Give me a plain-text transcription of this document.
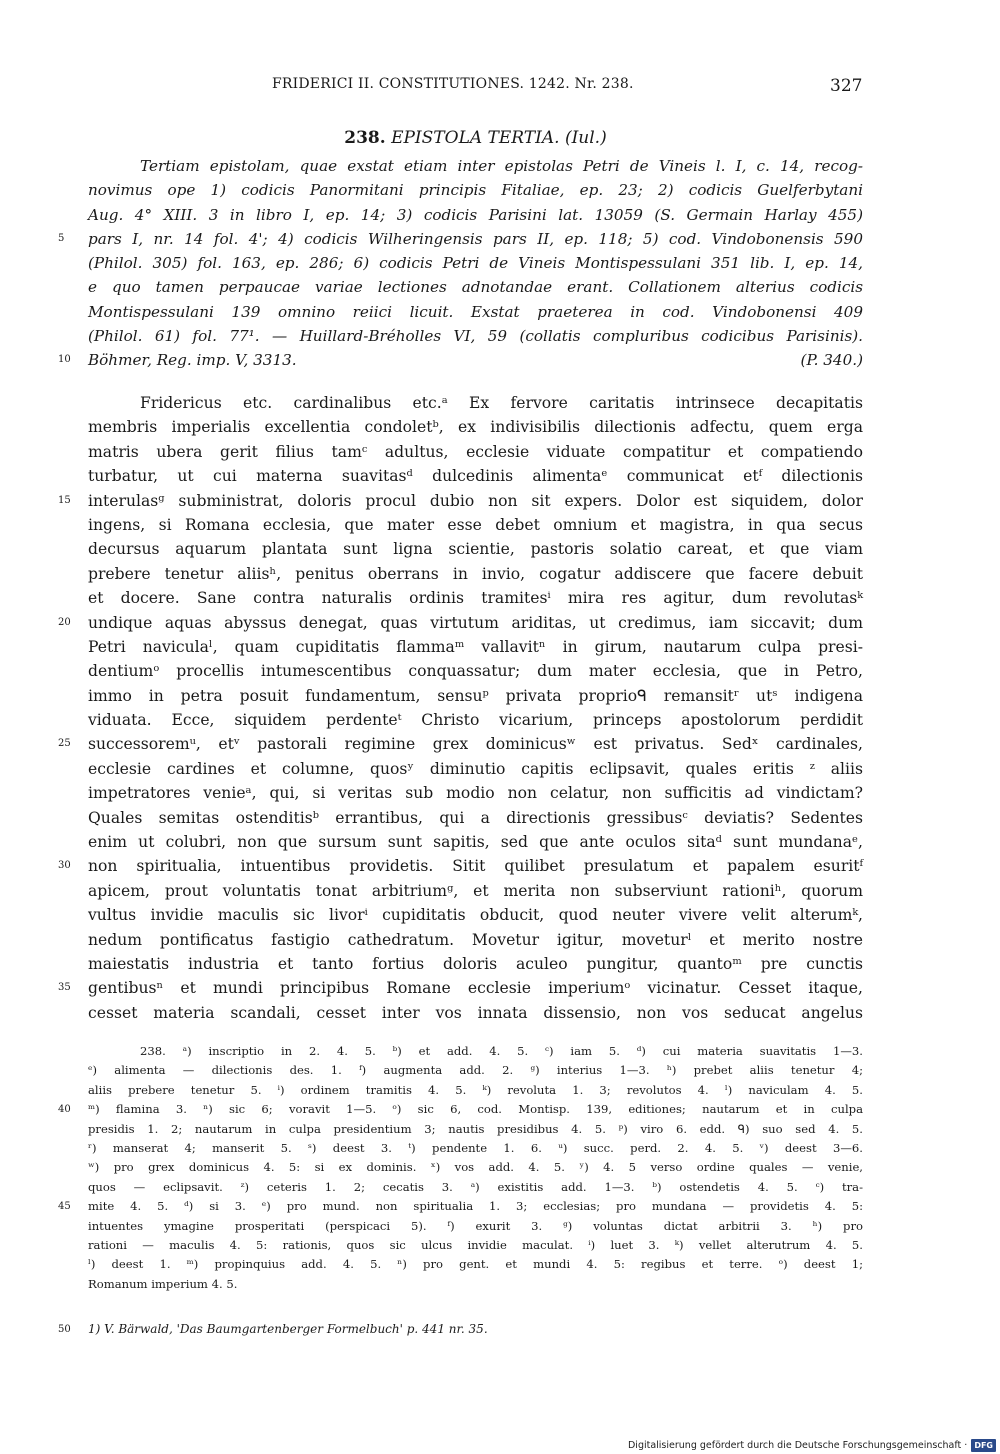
FRIDERICI II. CONSTITUTIONES. 1242. Nr. 238.	327
238. EPISTOLA TERTIA. (Iul.)
Tertiam epistolam, quae exstat etiam inter epistolas Petri de Vineis l. I, c. 14, recog-
novimus ope 1) codicis Panormitani principis Fitaliae, ep. 23; 2) codicis Guelferbytani
Aug. 4° XIII. 3 in libro I, ep. 14; 3) codicis Parisini lat. 13059 (S. Germain Harlay 455)
5	pars I, nr. 14 fol. 4'; 4) codicis Wilheringensis pars II, ep. 118; 5) cod. Vindobonensis 590
(Philol. 305) fol. 163, ep. 286; 6) codicis Petri de Vineis Montispessulani 351 lib. I, ep. 14,
e quo tamen perpaucae variae lectiones adnotandae erant. Collationem alterius codicis
Montispessulani 139 omnino reiici licuit. Exstat praeterea in cod. Vindobonensi 409
(Philol. 61) fol. 77¹. — Huillard-Bréholles VI, 59 (collatis compluribus codicibus Parisinis).
10	Böhmer, Reg. imp. V, 3313.	(P. 340.)
Fridericus etc. cardinalibus etc.ᵃ Ex fervore caritatis intrinsece decapitatis
membris imperialis excellentia condoletᵇ, ex indivisibilis dilectionis adfectu, quem erga
matris ubera gerit filius tamᶜ adultus, ecclesie viduate compatitur et compatiendo
turbatur, ut cui materna suavitasᵈ dulcedinis alimentaᵉ communicat etᶠ dilectionis
15	interulasᵍ subministrat, doloris procul dubio non sit expers. Dolor est siquidem, dolor
ingens, si Romana ecclesia, que mater esse debet omnium et magistra, in qua secus
decursus aquarum plantata sunt ligna scientie, pastoris solatio careat, et que viam
prebere tenetur aliisʰ, penitus oberrans in invio, cogatur addiscere que facere debuit
et docere. Sane contra naturalis ordinis tramitesⁱ mira res agitur, dum revolutasᵏ
20	undique aquas abyssus denegat, quas virtutum ariditas, ut credimus, iam siccavit; dum
Petri naviculaˡ, quam cupiditatis flammaᵐ vallavitⁿ in girum, nautarum culpa presi-
dentiumᵒ procellis intumescentibus conquassatur; dum mater ecclesia, que in Petro,
immo in petra posuit fundamentum, sensuᵖ privata proprioᑫ remansitʳ utˢ indigena
viduata. Ecce, siquidem perdenteᵗ Christo vicarium, princeps apostolorum perdidit
25	successoremᵘ, etᵛ pastorali regimine grex dominicusʷ est privatus. Sedˣ cardinales,
ecclesie cardines et columne, quosʸ diminutio capitis eclipsavit, quales eritis ᶻ aliis
impetratores venieᵃ, qui, si veritas sub modio non celatur, non sufficitis ad vindictam?
Quales semitas ostenditisᵇ errantibus, qui a directionis gressibusᶜ deviatis? Sedentes
enim ut colubri, non que sursum sunt sapitis, sed que ante oculos sitaᵈ sunt mundanaᵉ,
30	non spiritualia, intuentibus providetis. Sitit quilibet presulatum et papalem esuritᶠ
apicem, prout voluntatis tonat arbitriumᵍ, et merita non subserviunt rationiʰ, quorum
vultus invidie maculis sic livorⁱ cupiditatis obducit, quod neuter vivere velit alterumᵏ,
nedum pontificatus fastigio cathedratum. Movetur igitur, moveturˡ et merito nostre
maiestatis industria et tanto fortius doloris aculeo pungitur, quantoᵐ pre cunctis
35	gentibusⁿ et mundi principibus Romane ecclesie imperiumᵒ vicinatur. Cesset itaque,
cesset materia scandali, cesset inter vos innata dissensio, non vos seducat angelus
238. ᵃ) inscriptio in 2. 4. 5. ᵇ) et add. 4. 5. ᶜ) iam 5. ᵈ) cui materia suavitatis 1—3.
ᵉ) alimenta — dilectionis des. 1. ᶠ) augmenta add. 2. ᵍ) interius 1—3. ʰ) prebet aliis tenetur 4;
aliis prebere tenetur 5. ⁱ) ordinem tramitis 4. 5. ᵏ) revoluta 1. 3; revolutos 4. ˡ) naviculam 4. 5.
40	ᵐ) flamina 3. ⁿ) sic 6; voravit 1—5. ᵒ) sic 6, cod. Montisp. 139, editiones; nautarum et in culpa
presidis 1. 2; nautarum in culpa presidentium 3; nautis presidibus 4. 5. ᵖ) viro 6. edd. ᑫ) suo sed 4. 5.
ʳ) manserat 4; manserit 5. ˢ) deest 3. ᵗ) pendente 1. 6. ᵘ) succ. perd. 2. 4. 5. ᵛ) deest 3—6.
ʷ) pro grex dominicus 4. 5: si ex dominis. ˣ) vos add. 4. 5. ʸ) 4. 5 verso ordine quales — venie,
quos — eclipsavit. ᶻ) ceteris 1. 2; cecatis 3. ᵃ) existitis add. 1—3. ᵇ) ostendetis 4. 5. ᶜ) tra-
45	mite 4. 5. ᵈ) si 3. ᵉ) pro mund. non spiritualia 1. 3; ecclesias; pro mundana — providetis 4. 5:
intuentes ymagine prosperitati (perspicaci 5). ᶠ) exurit 3. ᵍ) voluntas dictat arbitrii 3. ʰ) pro
rationi — maculis 4. 5: rationis, quos sic ulcus invidie maculat. ⁱ) luet 3. ᵏ) vellet alterutrum 4. 5.
ˡ) deest 1. ᵐ) propinquius add. 4. 5. ⁿ) pro gent. et mundi 4. 5: regibus et terre. ᵒ) deest 1;
Romanum imperium 4. 5.
50	1) V. Bärwald, 'Das Baumgartenberger Formelbuch' p. 441 nr. 35.
Digitalisierung gefördert durch die Deutsche Forschungsgemeinschaft · DFG
